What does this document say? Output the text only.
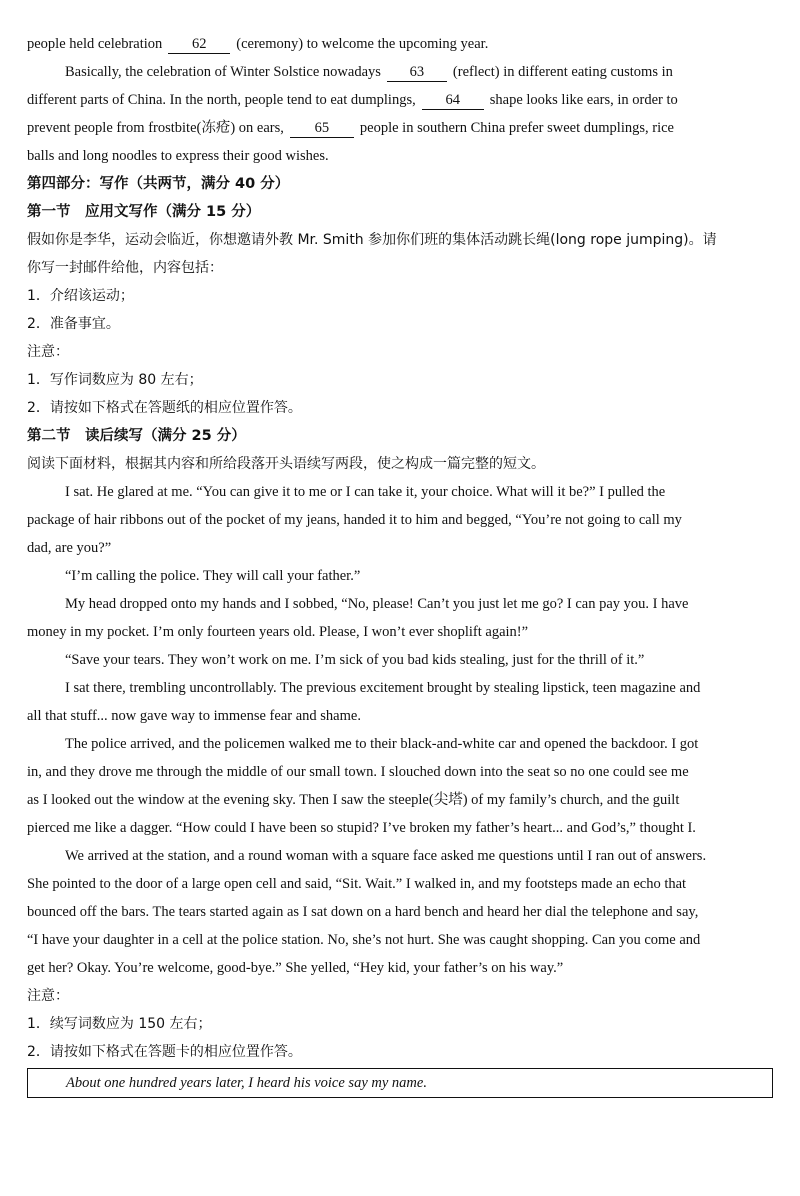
people held celebration 62 (ceremony) to welcome the upcoming year.
Basically, the celebration of Winter Solstice nowadays 63 (reflect) in different eating customs in
different parts of China. In the north, people tend to eat dumplings, 64 shape looks like ears, in order to
prevent people from frostbite(冻疮) on ears, 65 people in southern China prefer sweet dumplings, rice
balls and long noodles to express their good wishes.
第四部分：写作（共两节，满分 40 分）
第一节　应用文写作（满分 15 分）
假如你是李华，运动会临近，你想邀请外教 Mr. Smith 参加你们班的集体活动跳长绳(long rope jumping)。请
你写一封邮件给他，内容包括：
1．介绍该运动；
2．准备事宜。
注意：
1．写作词数应为 80 左右；
2．请按如下格式在答题纸的相应位置作答。
第二节　读后续写（满分 25 分）
阅读下面材料，根据其内容和所给段落开头语续写两段，使之构成一篇完整的短文。
I sat. He glared at me. “You can give it to me or I can take it, your choice. What will it be?” I pulled the
package of hair ribbons out of the pocket of my jeans, handed it to him and begged, “You’re not going to call my
dad, are you?”
“I’m calling the police. They will call your father.”
My head dropped onto my hands and I sobbed, “No, please! Can’t you just let me go? I can pay you. I have
money in my pocket. I’m only fourteen years old. Please, I won’t ever shoplift again!”
“Save your tears. They won’t work on me. I’m sick of you bad kids stealing, just for the thrill of it.”
I sat there, trembling uncontrollably. The previous excitement brought by stealing lipstick, teen magazine and
all that stuff... now gave way to immense fear and shame.
The police arrived, and the policemen walked me to their black-and-white car and opened the backdoor. I got
in, and they drove me through the middle of our small town. I slouched down into the seat so no one could see me
as I looked out the window at the evening sky. Then I saw the steeple(尖塔) of my family’s church, and the guilt
pierced me like a dagger. “How could I have been so stupid? I’ve broken my father’s heart... and God’s,” thought I.
We arrived at the station, and a round woman with a square face asked me questions until I ran out of answers.
She pointed to the door of a large open cell and said, “Sit. Wait.” I walked in, and my footsteps made an echo that
bounced off the bars. The tears started again as I sat down on a hard bench and heard her dial the telephone and say,
“I have your daughter in a cell at the police station. No, she’s not hurt. She was caught shopping. Can you come and
get her? Okay. You’re welcome, good-bye.” She yelled, “Hey kid, your father’s on his way.”
注意：
1．续写词数应为 150 左右；
2．请按如下格式在答题卡的相应位置作答。
About one hundred years later, I heard his voice say my name.
